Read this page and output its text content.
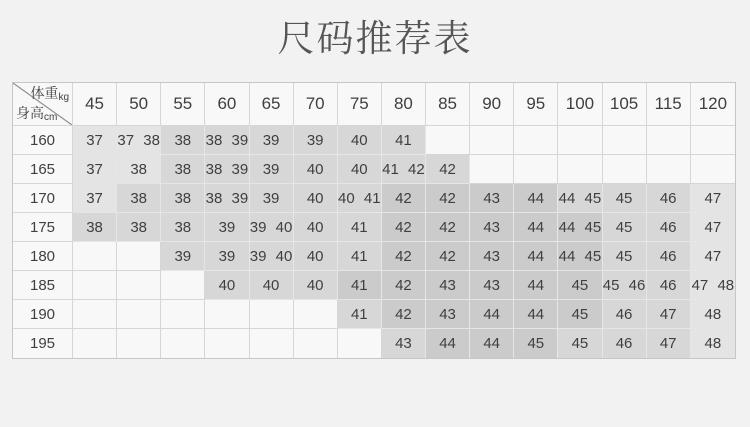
尺码推荐表
体重kg
身高cm	45	50	55	60	65	70	75	80	85	90	95	100	105	115	120
160	37	37 38	38	38 39	39	39	40	41							
165	37	38	38	38 39	39	40	40	41 42	42						
170	37	38	38	38 39	39	40	40 41	42	42	43	44	44 45	45	46	47
175	38	38	38	39	39 40	40	41	42	42	43	44	44 45	45	46	47
180			39	39	39 40	40	41	42	42	43	44	44 45	45	46	47
185				40	40	40	41	42	43	43	44	45	45 46	46	47 48
190							41	42	43	44	44	45	46	47	48
195								43	44	44	45	45	46	47	48
